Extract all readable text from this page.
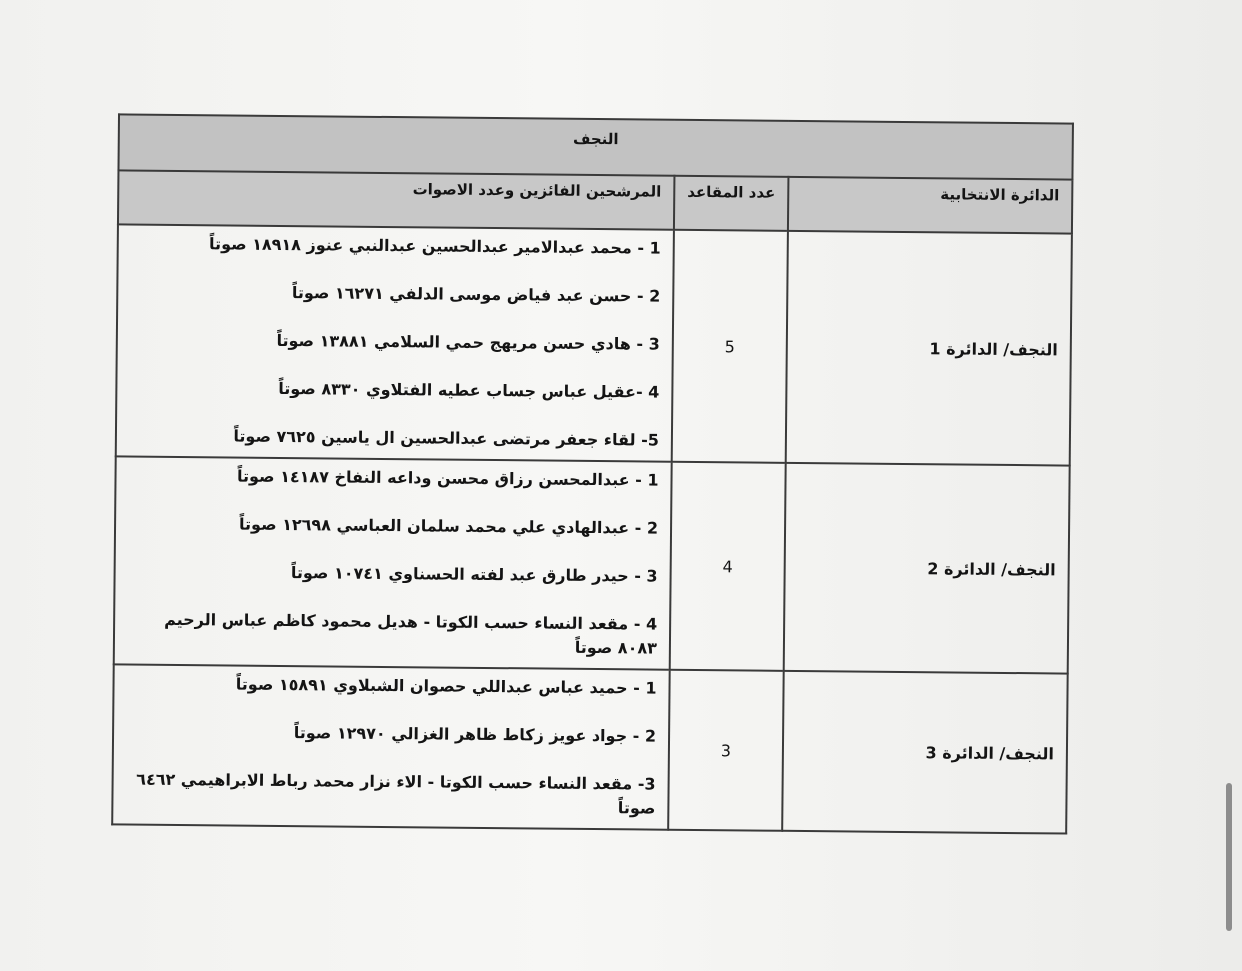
النجف		
الدائرة الانتخابية	عدد المقاعد	المرشحين الفائزين وعدد الاصوات
النجف/ الدائرة 1	5	1 - محمد عبدالامير عبدالحسين عبدالنبي عنوز ١٨٩١٨ صوتاً
2 - حسن عبد فياض موسى الدلفي ١٦٢٧١ صوتاً
3 - هادي حسن مريهج حمي السلامي ١٣٨٨١ صوتاً
4 -عقيل عباس جساب عطيه الفتلاوي ٨٣٣٠ صوتاً
5- لقاء جعفر مرتضى عبدالحسين ال ياسين ٧٦٢٥ صوتاً

النجف/ الدائرة 2	4	1 - عبدالمحسن رزاق محسن وداعه النفاخ ١٤١٨٧ صوتاً
2 - عبدالهادي علي محمد سلمان العباسي ١٢٦٩٨ صوتاً
3 - حيدر طارق عبد لفته الحسناوي ١٠٧٤١ صوتاً
4 - مقعد النساء حسب الكوتا - هديل محمود كاظم عباس الرحيم ٨٠٨٣ صوتاً

النجف/ الدائرة 3	3	1 - حميد عباس عبداللي حصوان الشبلاوي ١٥٨٩١ صوتاً
2 - جواد عويز زكاط ظاهر الغزالي ١٢٩٧٠ صوتاً
3- مقعد النساء حسب الكوتا - الاء نزار محمد رباط الابراهيمي ٦٤٦٢ صوتاً
